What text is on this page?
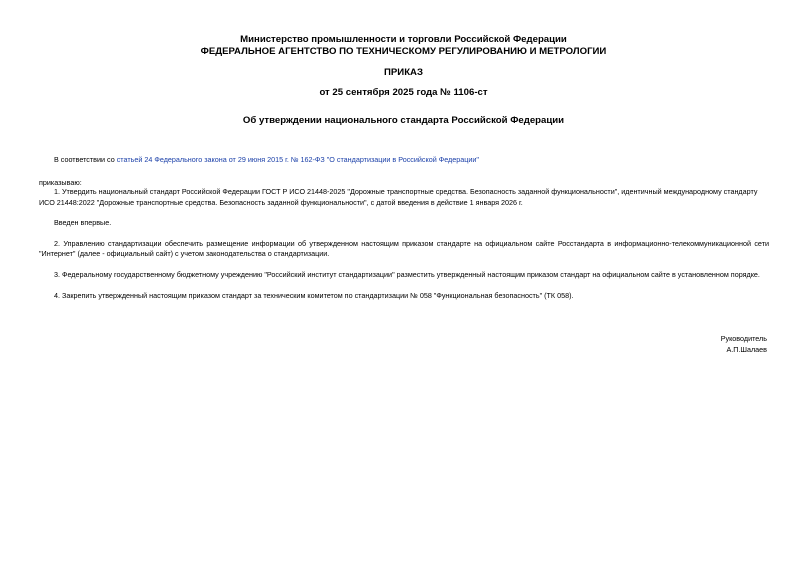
Министерство промышленности и торговли Российской Федерации
ФЕДЕРАЛЬНОЕ АГЕНТСТВО ПО ТЕХНИЧЕСКОМУ РЕГУЛИРОВАНИЮ И МЕТРОЛОГИИ
ПРИКАЗ
от 25 сентября 2025 года № 1106-ст
Об утверждении национального стандарта Российской Федерации
В соответствии со статьей 24 Федерального закона от 29 июня 2015 г. № 162-ФЗ "О стандартизации в Российской Федерации"
приказываю:
1. Утвердить национальный стандарт Российской Федерации ГОСТ Р ИСО 21448-2025 "Дорожные транспортные средства. Безопасность заданной функциональности", идентичный международному стандарту
ИСО 21448:2022 "Дорожные транспортные средства. Безопасность заданной функциональности", с датой введения в действие 1 января 2026 г.
Введен впервые.
2. Управлению стандартизации обеспечить размещение информации об утвержденном настоящим приказом стандарте на официальном сайте Росстандарта в информационно-телекоммуникационной сети
"Интернет" (далее - официальный сайт) с учетом законодательства о стандартизации.
3. Федеральному государственному бюджетному учреждению "Российский институт стандартизации" разместить утвержденный настоящим приказом стандарт на официальном сайте в установленном порядке.
4. Закрепить утвержденный настоящим приказом стандарт за техническим комитетом по стандартизации № 058 "Функциональная безопасность" (ТК 058).
Руководитель
А.П.Шалаев
